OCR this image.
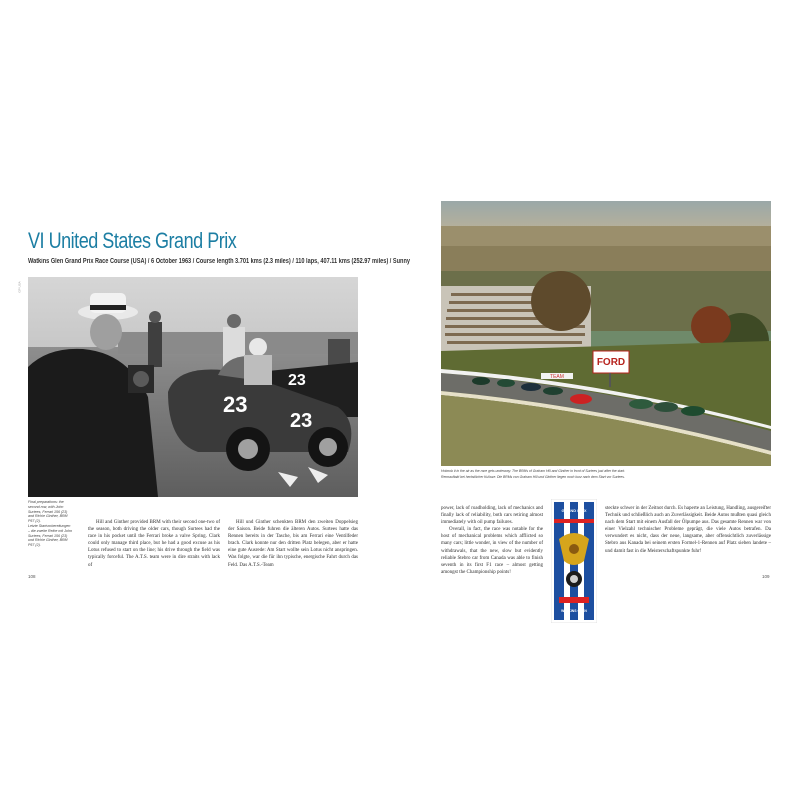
VI United States Grand Prix
Watkins Glen Grand Prix Race Course (USA) / 6 October 1963 / Course length 3.701 kms (2.3 miles) / 110 laps, 407.11 kms (252.97 miles) / Sunny
GP USA
23
23
23
Final preparations: the second row, with John Surtees, Ferrari 156 (23) and Richie Ginther, BRM P57 (2).
Letzte Startvorbereitungen – die zweite Reihe mit John Surtees, Ferrari 156 (23) und Richie Ginther, BRM P57 (2).
Hill and Ginther provided BRM with their second one-two of the season, both driving the older cars, though Surtees had the race in his pocket until the Ferrari broke a valve Spring. Clark could only manage third place, but he had a good excuse as his Lotus refused to start on the line; his drive through the field was typically forceful. The A.T.S. team were in dire straits with lack of
Hill und Ginther schenkten BRM den zweiten Doppelsieg der Saison. Beide fuhren die älteren Autos. Surtees hatte das Rennen bereits in der Tasche, bis am Ferrari eine Ventilfeder brach. Clark konnte nur den dritten Platz belegen, aber er hatte eine gute Ausrede: Am Start wollte sein Lotus nicht anspringen. Was folgte, war die für ihn typische, energische Fahrt durch das Feld. Das A.T.S.-Team
108
FORD
TEAM
Hobnob it in the air as the race gets underway: The BRMs of Graham Hill and Ginther in front of Surtees just after the start.
Rennauftakt bei herbstlicher Kulisse: Die BRMs von Graham Hill und Ginther liegen noch kurz nach dem Start vor Surtees.

power, lack of roadholding, lack of mechanics and finally lack of reliability, both cars retiring almost immediately with oil pump failures.

Overall, in fact, the race was notable for the host of mechanical problems which afflicted so many cars; little wonder, in view of the number of withdrawals, that the new, slow but evidently reliable Stebro car from Canada was able to finish seventh in its first F1 race – almost getting amongst the Championship points!

GRAND PRIX
WATKINS GLEN
steckte schwer in der Zeitnot durch. Es haperte an Leistung, Handling, ausgereifter Technik und schließlich auch an Zuverlässigkeit. Beide Autos mußten quasi gleich nach dem Start mit einem Ausfall der Ölpumpe aus. Das gesamte Rennen war von einer Vielzahl technischer Probleme geprägt, die viele Autos betrafen. Da verwundert es nicht, dass der neue, langsame, aber offensichtlich zuverlässige Stebro aus Kanada bei seinem ersten Formel-1-Rennen auf Platz sieben landete – und damit fast in die Meisterschaftspunkte fuhr!
109
